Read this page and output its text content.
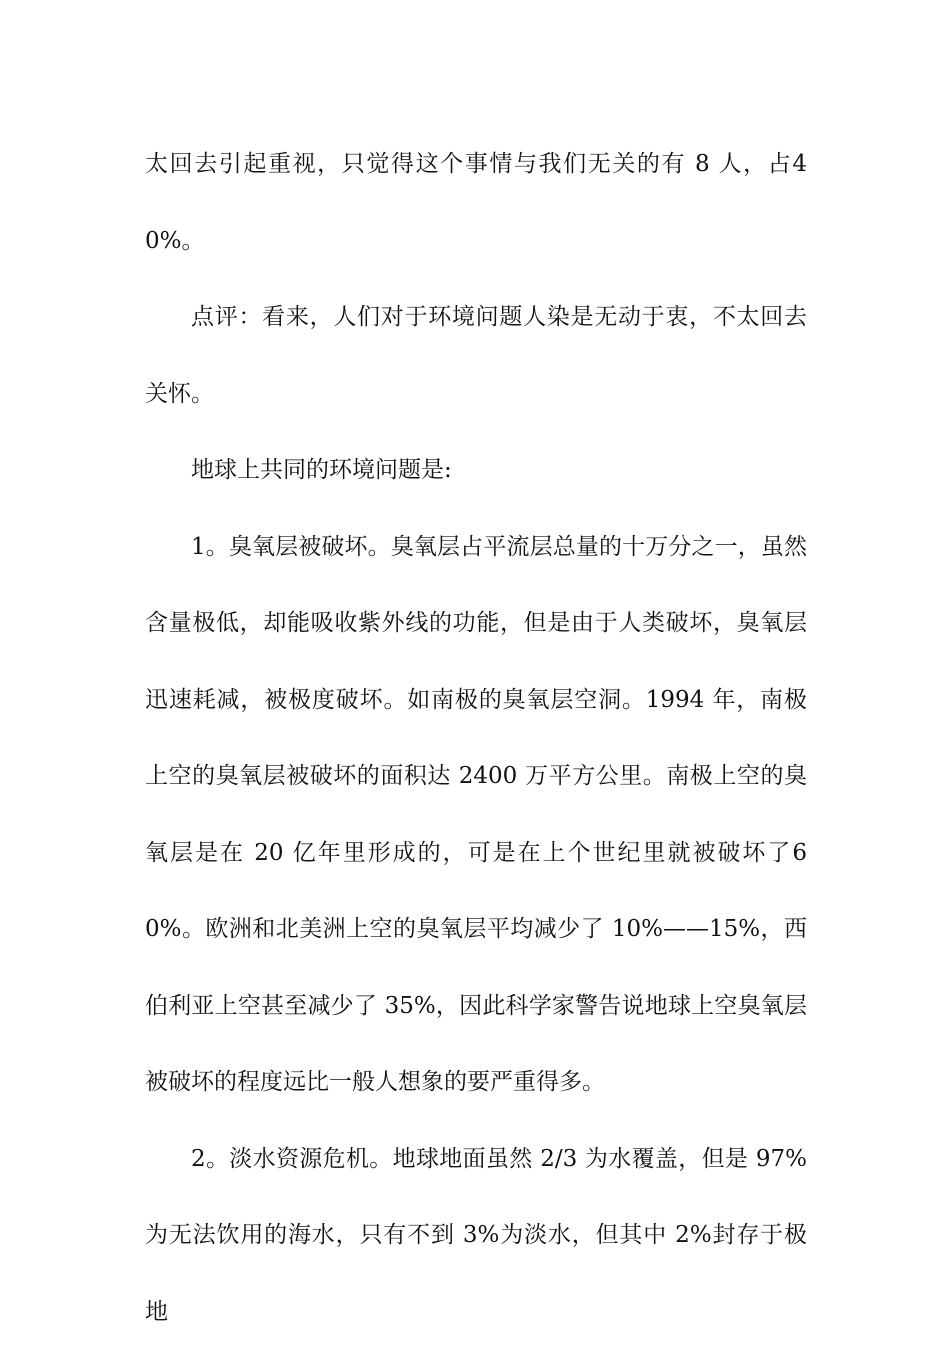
太回去引起重视，只觉得这个事情与我们无关的有 8 人，占40%。

点评：看来，人们对于环境问题人染是无动于衷，不太回去关怀。

地球上共同的环境问题是:

1。臭氧层被破坏。臭氧层占平流层总量的十万分之一，虽然含量极低，却能吸收紫外线的功能，但是由于人类破坏，臭氧层迅速耗减，被极度破坏。如南极的臭氧层空洞。1994 年，南极上空的臭氧层被破坏的面积达 2400 万平方公里。南极上空的臭氧层是在 20 亿年里形成的，可是在上个世纪里就被破坏了60%。欧洲和北美洲上空的臭氧层平均减少了 10%——15%，西伯利亚上空甚至减少了 35%，因此科学家警告说地球上空臭氧层被破坏的程度远比一般人想象的要严重得多。

2。淡水资源危机。地球地面虽然 2/3 为水覆盖，但是 97%为无法饮用的海水，只有不到 3%为淡水，但其中 2%封存于极地
